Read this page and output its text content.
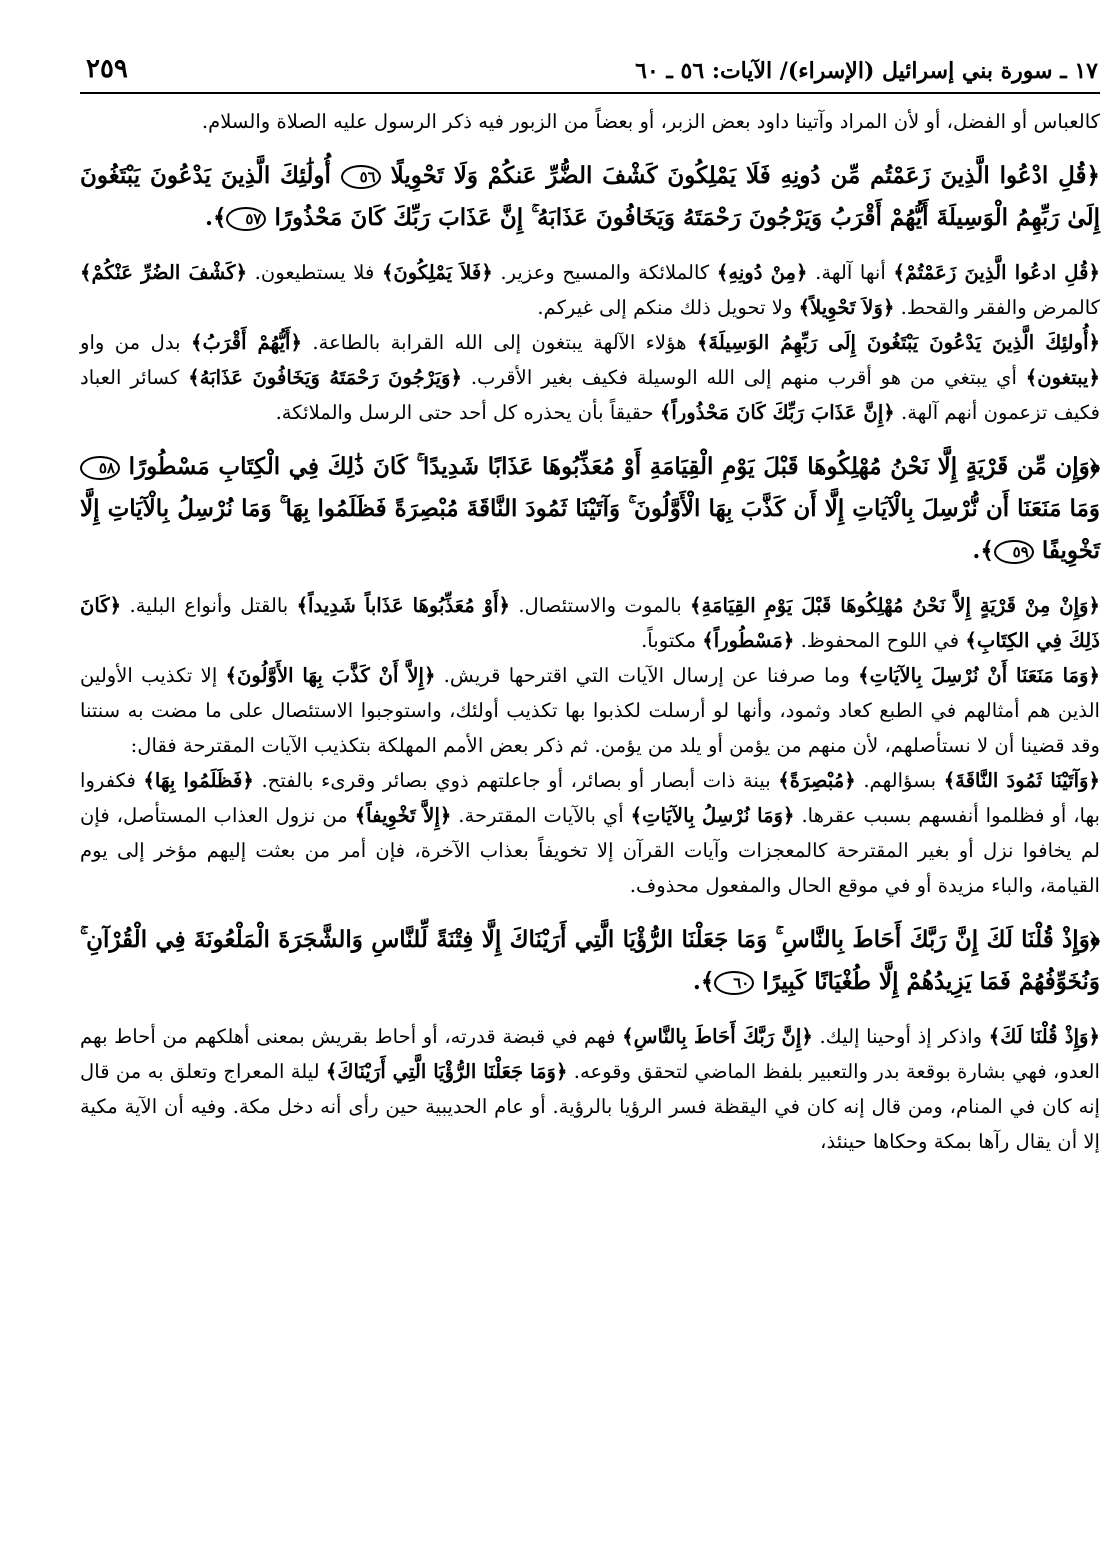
١٧ ـ سورة بني إسرائيل (الإسراء)/ الآيات: ٥٦ ـ ٦٠
٢٥٩

كالعباس أو الفضل، أو لأن المراد وآتينا داود بعض الزبر، أو بعضاً من الزبور فيه ذكر الرسول عليه الصلاة والسلام.

﴿قُلِ ادْعُوا الَّذِينَ زَعَمْتُم مِّن دُونِهِ فَلَا يَمْلِكُونَ كَشْفَ الضُّرِّ عَنكُمْ وَلَا تَحْوِيلًا ٥٦ أُولَٰئِكَ الَّذِينَ يَدْعُونَ يَبْتَغُونَ إِلَىٰ رَبِّهِمُ الْوَسِيلَةَ أَيُّهُمْ أَقْرَبُ وَيَرْجُونَ رَحْمَتَهُ وَيَخَافُونَ عَذَابَهُ ۚ إِنَّ عَذَابَ رَبِّكَ كَانَ مَحْذُورًا ٥٧﴾.

﴿قُلِ ادعُوا الَّذِينَ زَعَمْتُمْ﴾ أنها آلهة. ﴿مِنْ دُونِهِ﴾ كالملائكة والمسيح وعزير. ﴿فَلاَ يَمْلِكُونَ﴾ فلا يستطيعون. ﴿كَشْفَ الضُرِّ عَنْكُمْ﴾ كالمرض والفقر والقحط. ﴿وَلاَ تَحْوِيلاً﴾ ولا تحويل ذلك منكم إلى غيركم.

﴿أُولئِكَ الَّذِينَ يَدْعُونَ يَبْتَغُونَ إِلَى رَبِّهِمُ الوَسِيلَةَ﴾ هؤلاء الآلهة يبتغون إلى الله القرابة بالطاعة. ﴿أَيُّهُمْ أَقْرَبُ﴾ بدل من واو ﴿يبتغون﴾ أي يبتغي من هو أقرب منهم إلى الله الوسيلة فكيف بغير الأقرب. ﴿وَيَرْجُونَ رَحْمَتَهُ وَيَخَافُونَ عَذَابَهُ﴾ كسائر العباد فكيف تزعمون أنهم آلهة. ﴿إِنَّ عَذَابَ رَبِّكَ كَانَ مَحْذُوراً﴾ حقيقاً بأن يحذره كل أحد حتى الرسل والملائكة.

﴿وَإِن مِّن قَرْيَةٍ إِلَّا نَحْنُ مُهْلِكُوهَا قَبْلَ يَوْمِ الْقِيَامَةِ أَوْ مُعَذِّبُوهَا عَذَابًا شَدِيدًا ۚ كَانَ ذَٰلِكَ فِي الْكِتَابِ مَسْطُورًا ٥٨ وَمَا مَنَعَنَا أَن نُّرْسِلَ بِالْآيَاتِ إِلَّا أَن كَذَّبَ بِهَا الْأَوَّلُونَ ۚ وَآتَيْنَا ثَمُودَ النَّاقَةَ مُبْصِرَةً فَظَلَمُوا بِهَا ۚ وَمَا نُرْسِلُ بِالْآيَاتِ إِلَّا تَخْوِيفًا ٥٩﴾.

﴿وَإِنْ مِنْ قَرْيَةٍ إِلاَّ نَحْنُ مُهْلِكُوهَا قَبْلَ يَوْمِ القِيَامَةِ﴾ بالموت والاستئصال. ﴿أَوْ مُعَذِّبُوهَا عَذَاباً شَدِيداً﴾ بالقتل وأنواع البلية. ﴿كَانَ ذَلِكَ فِي الكِتَابِ﴾ في اللوح المحفوظ. ﴿مَسْطُوراً﴾ مكتوباً.

﴿وَمَا مَنَعَنَا أَنْ نُرْسِلَ بِالآيَاتِ﴾ وما صرفنا عن إرسال الآيات التي اقترحها قريش. ﴿إِلاَّ أَنْ كَذَّبَ بِهَا الأَوَّلُونَ﴾ إلا تكذيب الأولين الذين هم أمثالهم في الطبع كعاد وثمود، وأنها لو أرسلت لكذبوا بها تكذيب أولئك، واستوجبوا الاستئصال على ما مضت به سنتنا وقد قضينا أن لا نستأصلهم، لأن منهم من يؤمن أو يلد من يؤمن. ثم ذكر بعض الأمم المهلكة بتكذيب الآيات المقترحة فقال:

﴿وَآتَيْنَا ثَمُودَ النَّاقَةَ﴾ بسؤالهم. ﴿مُبْصِرَةً﴾ بينة ذات أبصار أو بصائر، أو جاعلتهم ذوي بصائر وقرىء بالفتح. ﴿فَظَلَمُوا بِهَا﴾ فكفروا بها، أو فظلموا أنفسهم بسبب عقرها. ﴿وَمَا نُرْسِلُ بِالآيَاتِ﴾ أي بالآيات المقترحة. ﴿إِلاَّ تَخْوِيفاً﴾ من نزول العذاب المستأصل، فإن لم يخافوا نزل أو بغير المقترحة كالمعجزات وآيات القرآن إلا تخويفاً بعذاب الآخرة، فإن أمر من بعثت إليهم مؤخر إلى يوم القيامة، والباء مزيدة أو في موقع الحال والمفعول محذوف.

﴿وَإِذْ قُلْنَا لَكَ إِنَّ رَبَّكَ أَحَاطَ بِالنَّاسِ ۚ وَمَا جَعَلْنَا الرُّؤْيَا الَّتِي أَرَيْنَاكَ إِلَّا فِتْنَةً لِّلنَّاسِ وَالشَّجَرَةَ الْمَلْعُونَةَ فِي الْقُرْآنِ ۚ وَنُخَوِّفُهُمْ فَمَا يَزِيدُهُمْ إِلَّا طُغْيَانًا كَبِيرًا ٦٠﴾.

﴿وَإِذْ قُلْنَا لَكَ﴾ واذكر إذ أوحينا إليك. ﴿إِنَّ رَبَّكَ أَحَاطَ بِالنَّاسِ﴾ فهم في قبضة قدرته، أو أحاط بقريش بمعنى أهلكهم من أحاط بهم العدو، فهي بشارة بوقعة بدر والتعبير بلفظ الماضي لتحقق وقوعه. ﴿وَمَا جَعَلْنَا الرُّؤْيَا الَّتِي أَرَيْنَاكَ﴾ ليلة المعراج وتعلق به من قال إنه كان في المنام، ومن قال إنه كان في اليقظة فسر الرؤيا بالرؤية. أو عام الحديبية حين رأى أنه دخل مكة. وفيه أن الآية مكية إلا أن يقال رآها بمكة وحكاها حينئذ،
